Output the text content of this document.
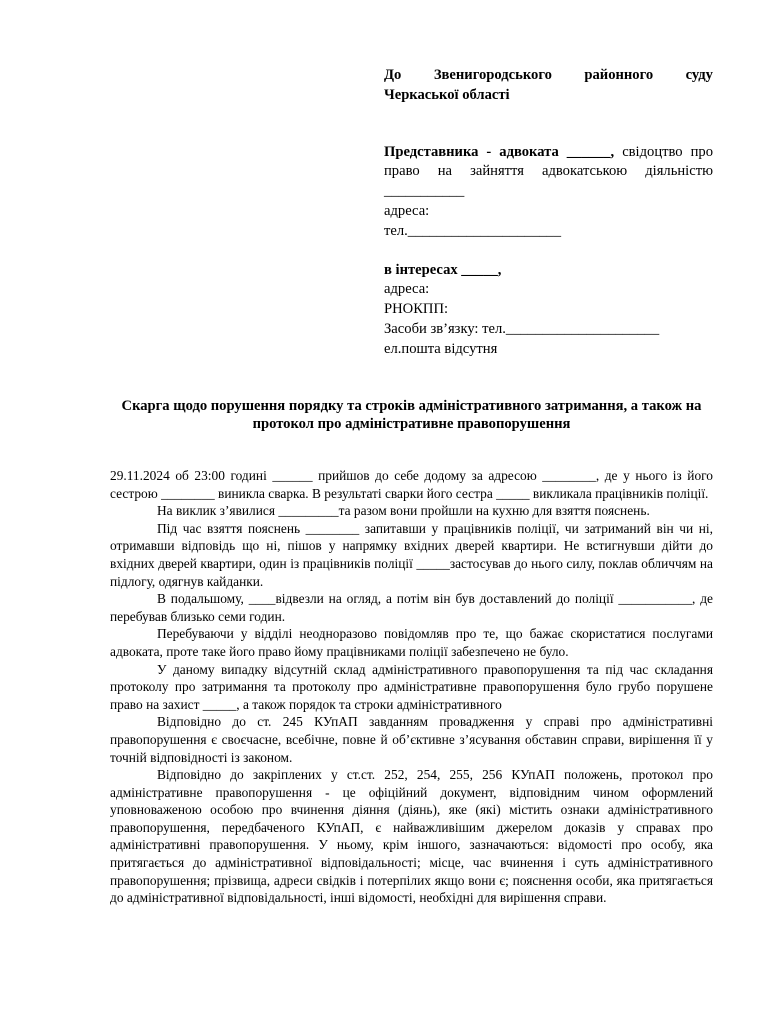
До Звенигородського районного суду
Черкаської області
Представника - адвоката ______, свідоцтво про право на зайняття адвокатською діяльністю ___________
адреса:
тел._____________________
в інтересах _____,
адреса:
РНОКПП:
Засоби зв’язку: тел._____________________
ел.пошта відсутня
Скарга щодо порушення порядку та строків адміністративного затримання, а також на протокол про адміністративне правопорушення

29.11.2024 об 23:00 годині ______ прийшов до себе додому за адресою ________, де у нього із його сестрою ________ виникла сварка. В результаті сварки його сестра _____ викликала працівників поліції.

На виклик з’явилися _________та разом вони пройшли на кухню для взяття пояснень.

Під час взяття пояснень ________ запитавши у працівників поліції, чи затриманий він чи ні, отримавши відповідь що ні, пішов у напрямку вхідних дверей квартири. Не встигнувши дійти до вхідних дверей квартири, один із працівників поліції _____застосував до нього силу, поклав обличчям на підлогу, одягнув кайданки.

В подальшому, ____відвезли на огляд, а потім він був доставлений до поліції ___________, де перебував близько семи годин.

Перебуваючи у відділі неодноразово повідомляв про те, що бажає скористатися послугами адвоката, проте таке його право йому працівниками поліції забезпечено не було.

У даному випадку відсутній склад адміністративного правопорушення та під час складання протоколу про затримання та протоколу про адміністративне правопорушення було грубо порушене право на захист _____, а також порядок та строки адміністративного

Відповідно до ст. 245 КУпАП завданням провадження у справі про адміністративні правопорушення є своєчасне, всебічне, повне й об’єктивне з’ясування обставин справи, вирішення її у точній відповідності із законом.

Відповідно до закріплених у ст.ст. 252, 254, 255, 256 КУпАП положень, протокол про адміністративне правопорушення - це офіційний документ, відповідним чином оформлений уповноваженою особою про вчинення діяння (діянь), яке (які) містить ознаки адміністративного правопорушення, передбаченого КУпАП, є найважливішим джерелом доказів у справах про адміністративні правопорушення. У ньому, крім іншого, зазначаються: відомості про особу, яка притягається до адміністративної відповідальності; місце, час вчинення і суть адміністративного правопорушення; прізвища, адреси свідків і потерпілих якщо вони є; пояснення особи, яка притягається до адміністративної відповідальності, інші відомості, необхідні для вирішення справи.
